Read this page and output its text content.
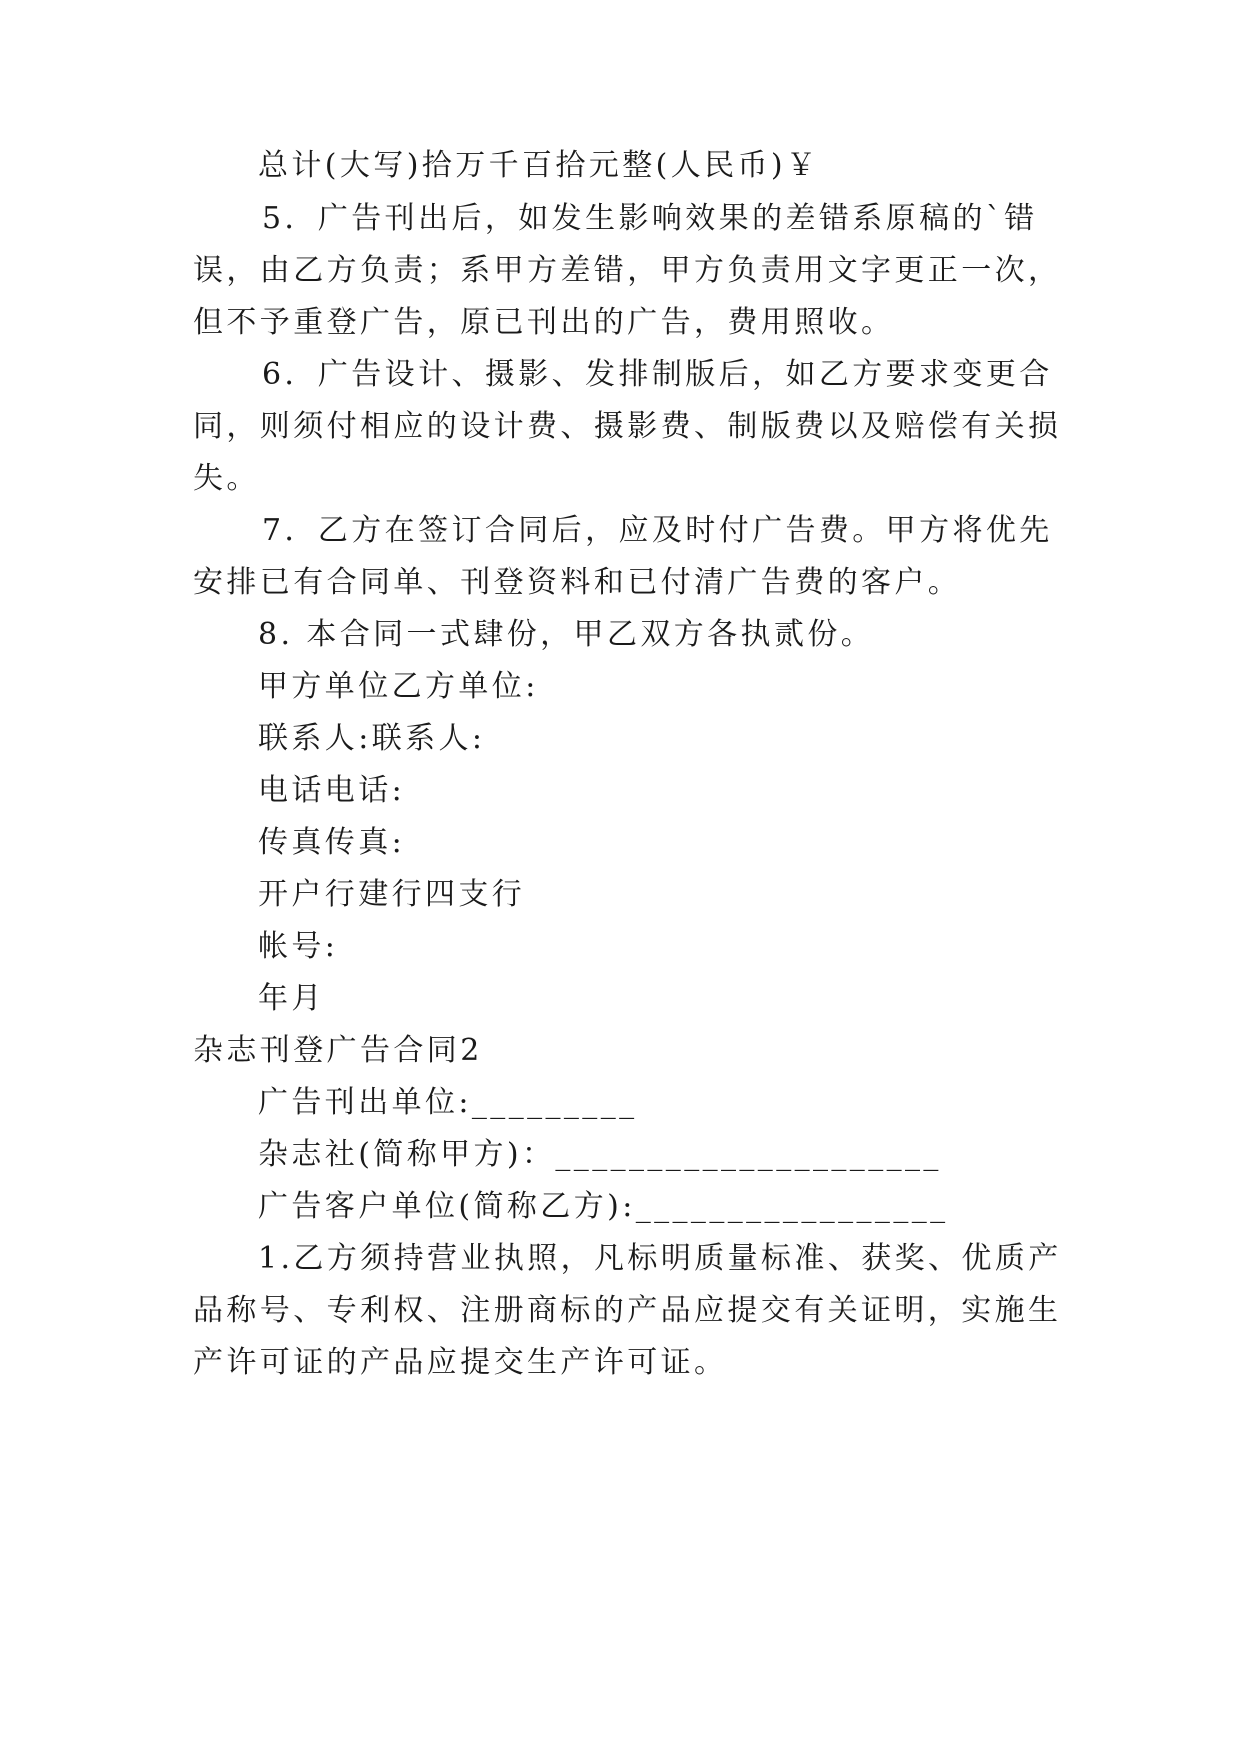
总计(大写)拾万千百拾元整(人民币)￥
5．广告刊出后，如发生影响效果的差错系原稿的`错
误，由乙方负责；系甲方差错，甲方负责用文字更正一次，
但不予重登广告，原已刊出的广告，费用照收。
6．广告设计、摄影、发排制版后，如乙方要求变更合
同，则须付相应的设计费、摄影费、制版费以及赔偿有关损
失。
7．乙方在签订合同后，应及时付广告费。甲方将优先
安排已有合同单、刊登资料和已付清广告费的客户。
8. 本合同一式肆份，甲乙双方各执贰份。
甲方单位乙方单位:
联系人:联系人:
电话电话:
传真传真:
开户行建行四支行
帐号:
年月
杂志刊登广告合同2
广告刊出单位:_________
杂志社(简称甲方)：_____________________
广告客户单位(简称乙方):_________________
1.乙方须持营业执照，凡标明质量标准、获奖、优质产
品称号、专利权、注册商标的产品应提交有关证明，实施生
产许可证的产品应提交生产许可证。
